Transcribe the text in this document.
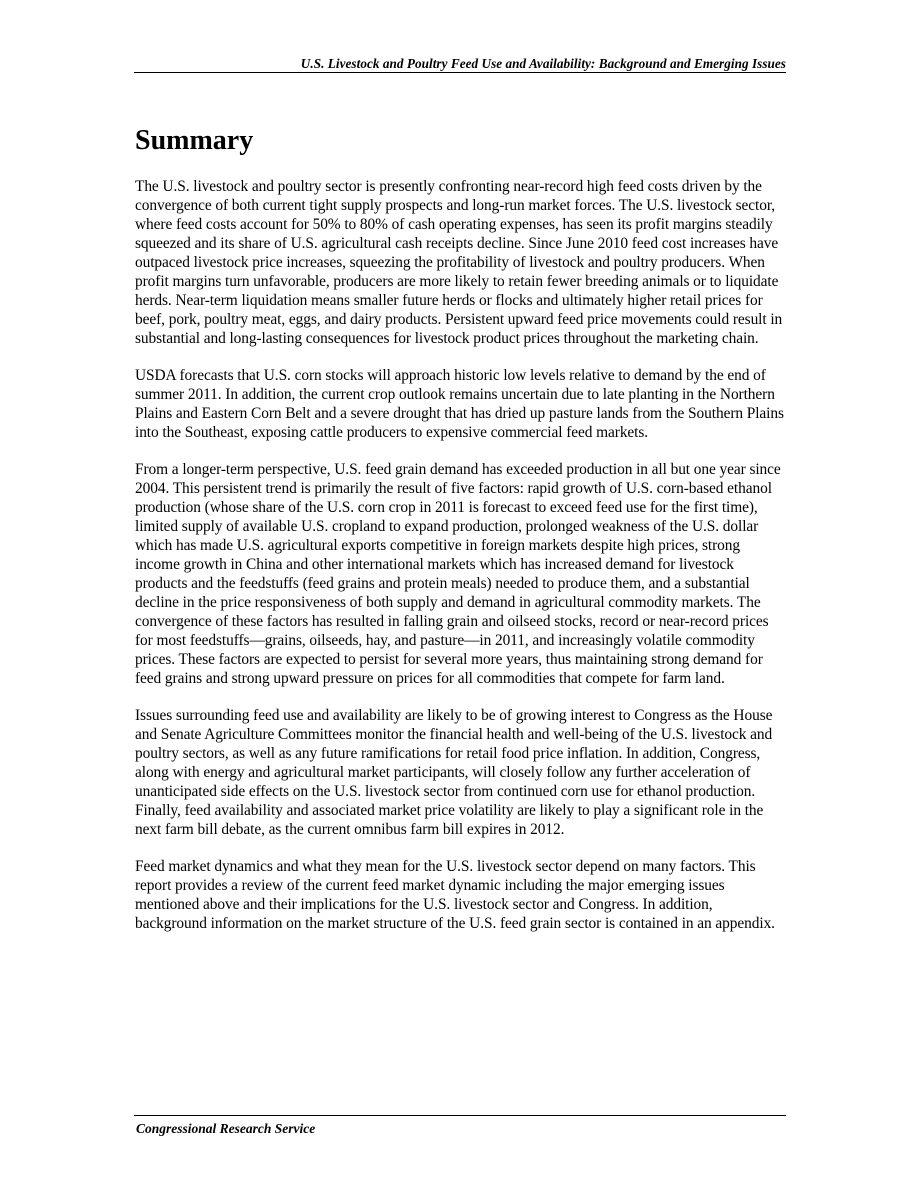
U.S. Livestock and Poultry Feed Use and Availability: Background and Emerging Issues
Summary

The U.S. livestock and poultry sector is presently confronting near-record high feed costs driven by the convergence of both current tight supply prospects and long-run market forces. The U.S. livestock sector, where feed costs account for 50% to 80% of cash operating expenses, has seen its profit margins steadily squeezed and its share of U.S. agricultural cash receipts decline. Since June 2010 feed cost increases have outpaced livestock price increases, squeezing the profitability of livestock and poultry producers. When profit margins turn unfavorable, producers are more likely to retain fewer breeding animals or to liquidate herds. Near-term liquidation means smaller future herds or flocks and ultimately higher retail prices for beef, pork, poultry meat, eggs, and dairy products. Persistent upward feed price movements could result in substantial and long-lasting consequences for livestock product prices throughout the marketing chain.

USDA forecasts that U.S. corn stocks will approach historic low levels relative to demand by the end of summer 2011. In addition, the current crop outlook remains uncertain due to late planting in the Northern Plains and Eastern Corn Belt and a severe drought that has dried up pasture lands from the Southern Plains into the Southeast, exposing cattle producers to expensive commercial feed markets.

From a longer-term perspective, U.S. feed grain demand has exceeded production in all but one year since 2004. This persistent trend is primarily the result of five factors: rapid growth of U.S. corn-based ethanol production (whose share of the U.S. corn crop in 2011 is forecast to exceed feed use for the first time), limited supply of available U.S. cropland to expand production, prolonged weakness of the U.S. dollar which has made U.S. agricultural exports competitive in foreign markets despite high prices, strong income growth in China and other international markets which has increased demand for livestock products and the feedstuffs (feed grains and protein meals) needed to produce them, and a substantial decline in the price responsiveness of both supply and demand in agricultural commodity markets. The convergence of these factors has resulted in falling grain and oilseed stocks, record or near-record prices for most feedstuffs—grains, oilseeds, hay, and pasture—in 2011, and increasingly volatile commodity prices. These factors are expected to persist for several more years, thus maintaining strong demand for feed grains and strong upward pressure on prices for all commodities that compete for farm land.

Issues surrounding feed use and availability are likely to be of growing interest to Congress as the House and Senate Agriculture Committees monitor the financial health and well-being of the U.S. livestock and poultry sectors, as well as any future ramifications for retail food price inflation. In addition, Congress, along with energy and agricultural market participants, will closely follow any further acceleration of unanticipated side effects on the U.S. livestock sector from continued corn use for ethanol production. Finally, feed availability and associated market price volatility are likely to play a significant role in the next farm bill debate, as the current omnibus farm bill expires in 2012.

Feed market dynamics and what they mean for the U.S. livestock sector depend on many factors. This report provides a review of the current feed market dynamic including the major emerging issues mentioned above and their implications for the U.S. livestock sector and Congress. In addition, background information on the market structure of the U.S. feed grain sector is contained in an appendix.

Congressional Research Service
